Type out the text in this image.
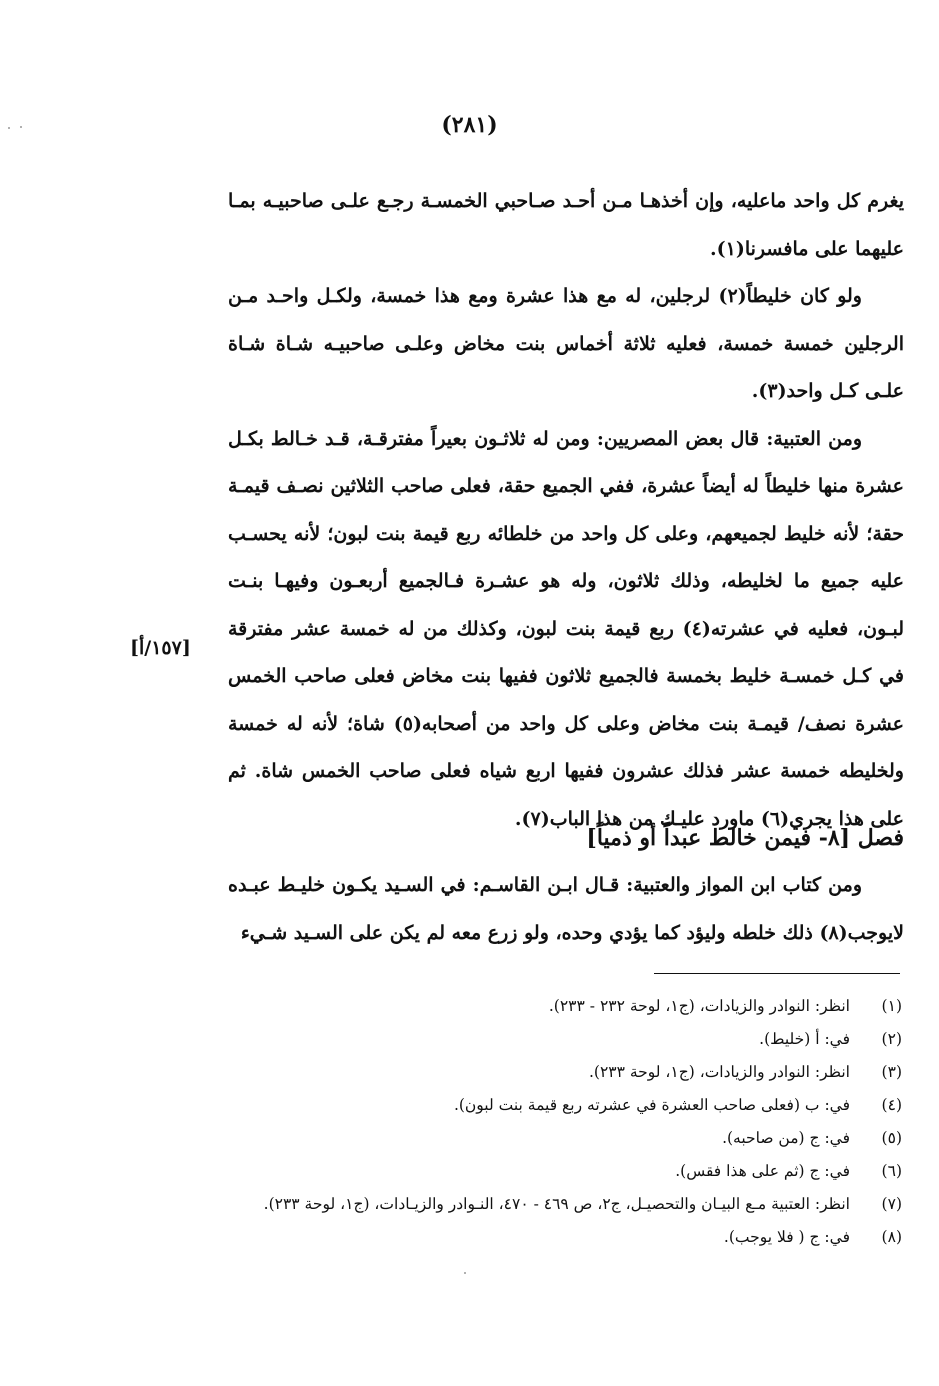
(٢٨١)

يغرم كل واحد ماعليه، وإن أخذهـا مـن أحـد صـاحبي الخمسـة رجـع علـى صاحبيـه بمـا عليهما على مافسرنا(١).

ولو كان خليطاً(٢) لرجلين، له مع هذا عشرة ومع هذا خمسة، ولكـل واحـد مـن الرجلين خمسة خمسة، فعليه ثلاثة أخماس بنت مخاض وعلـى صاحبيـه شـاة شـاة علـى كـل واحد(٣).

ومن العتبية: قال بعض المصريين: ومن له ثلاثـون بعيراً مفترقـة، قـد خـالط بكـل عشرة منها خليطاً له أيضاً عشرة، ففي الجميع حقة، فعلى صاحب الثلاثين نصـف قيمـة حقة؛ لأنه خليط لجميعهم، وعلى كل واحد من خلطائه ربع قيمة بنت لبون؛ لأنه يحسـب عليه جميع ما لخليطه، وذلك ثلاثون، وله هو عشـرة فـالجميع أربعـون وفيهـا بنـت لبـون، فعليه في عشرته(٤) ربع قيمة بنت لبون، وكذلك من له خمسة عشر مفترقة في كـل خمسـة خليط بخمسة فالجميع ثلاثون ففيها بنت مخاض فعلى صاحب الخمس عشرة نصف/ قيمـة بنت مخاض وعلى كل واحد من أصحابه(٥) شاة؛ لأنه له خمسة ولخليطه خمسة عشر فذلك عشرون ففيها اربع شياه فعلى صاحب الخمس شاة. ثم على هذا يجري(٦) ماورد عليـك من هذا الباب(٧).

[١٥٧/أ]
فصل [٨- فيمن خالط عبداً أو ذمياً]

ومن كتاب ابن المواز والعتبية: قـال ابـن القاسـم: في السـيد يكـون خليـط عبـده لايوجب(٨) ذلك خلطه وليؤد كما يؤدي وحده، ولو زرع معه لم يكن على السـيد شـيء

(١)
انظر: النوادر والزيادات، (ج١، لوحة ٢٣٢ - ٢٣٣).
(٢)
في: أ (خليط).
(٣)
انظر: النوادر والزيادات، (ج١، لوحة ٢٣٣).
(٤)
في: ب (فعلى صاحب العشرة في عشرته ربع قيمة بنت لبون).
(٥)
في: ج (من صاحبه).
(٦)
في: ج (ثم على هذا فقس).
(٧)
انظر: العتبية مـع البيـان والتحصيـل، ج٢، ص ٤٦٩ - ٤٧٠، النـوادر والزيـادات، (ج١، لوحة ٢٣٣).
(٨)
في: ج ( فلا يوجب).
